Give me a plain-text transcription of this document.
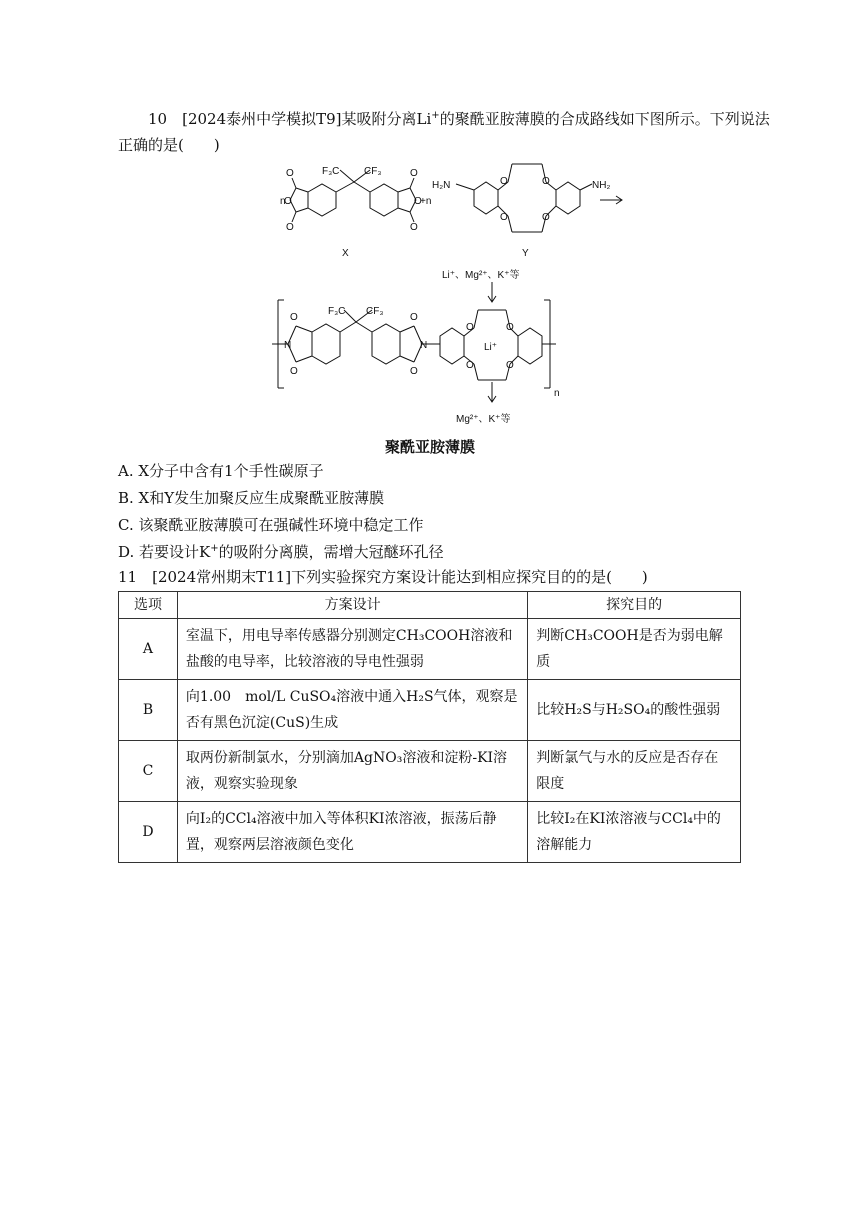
10　 [2024泰州中学模拟T9]某吸附分离Li+的聚酰亚胺薄膜的合成路线如下图所示。下列说法正确的是(　　)
n
O
O
O
F₃C CF₃	O
O
O
+n
H₂N	O
O
O
O
NH₂
X	Y
Li⁺、Mg²⁺、K⁺等
N
O
O
F₃C CF₃
O
O
N
O
O
O
O
Li⁺
n
Mg²⁺、K⁺等
聚酰亚胺薄膜
A. X分子中含有1个手性碳原子
B. X和Y发生加聚反应生成聚酰亚胺薄膜
C. 该聚酰亚胺薄膜可在强碱性环境中稳定工作
D. 若要设计K+的吸附分离膜，需增大冠醚环孔径
11　 [2024常州期末T11]下列实验探究方案设计能达到相应探究目的的是(　　)
选项	方案设计	探究目的
A	室温下，用电导率传感器分别测定CH₃COOH溶液和盐酸的电导率，比较溶液的导电性强弱	判断CH₃COOH是否为弱电解质
B	向1.00　mol/L CuSO₄溶液中通入H₂S气体，观察是否有黑色沉淀(CuS)生成	比较H₂S与H₂SO₄的酸性强弱
C	取两份新制氯水，分别滴加AgNO₃溶液和淀粉-KI溶液，观察实验现象	判断氯气与水的反应是否存在限度
D	向I₂的CCl₄溶液中加入等体积KI浓溶液，振荡后静置，观察两层溶液颜色变化	比较I₂在KI浓溶液与CCl₄中的溶解能力
